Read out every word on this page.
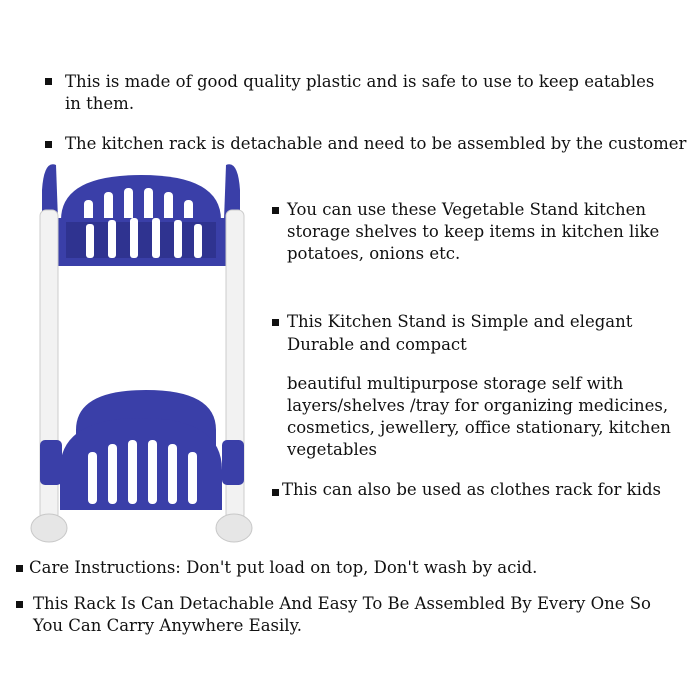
This is made of good quality plastic and is safe to use to keep eatables in them.

The kitchen rack is detachable and need to be assembled by the customer

You can use these Vegetable Stand kitchen storage shelves to keep items in kitchen like potatoes, onions etc.

This Kitchen Stand is Simple and elegant

Durable and compact

beautiful multipurpose storage self with layers/shelves /tray for organizing medicines, cosmetics, jewellery, office stationary, kitchen vegetables

This can also be used as clothes rack for kids

Care Instructions: Don't put load on top, Don't wash by acid.

This Rack Is Can Detachable And Easy To Be Assembled By Every One So You Can Carry Anywhere Easily.
